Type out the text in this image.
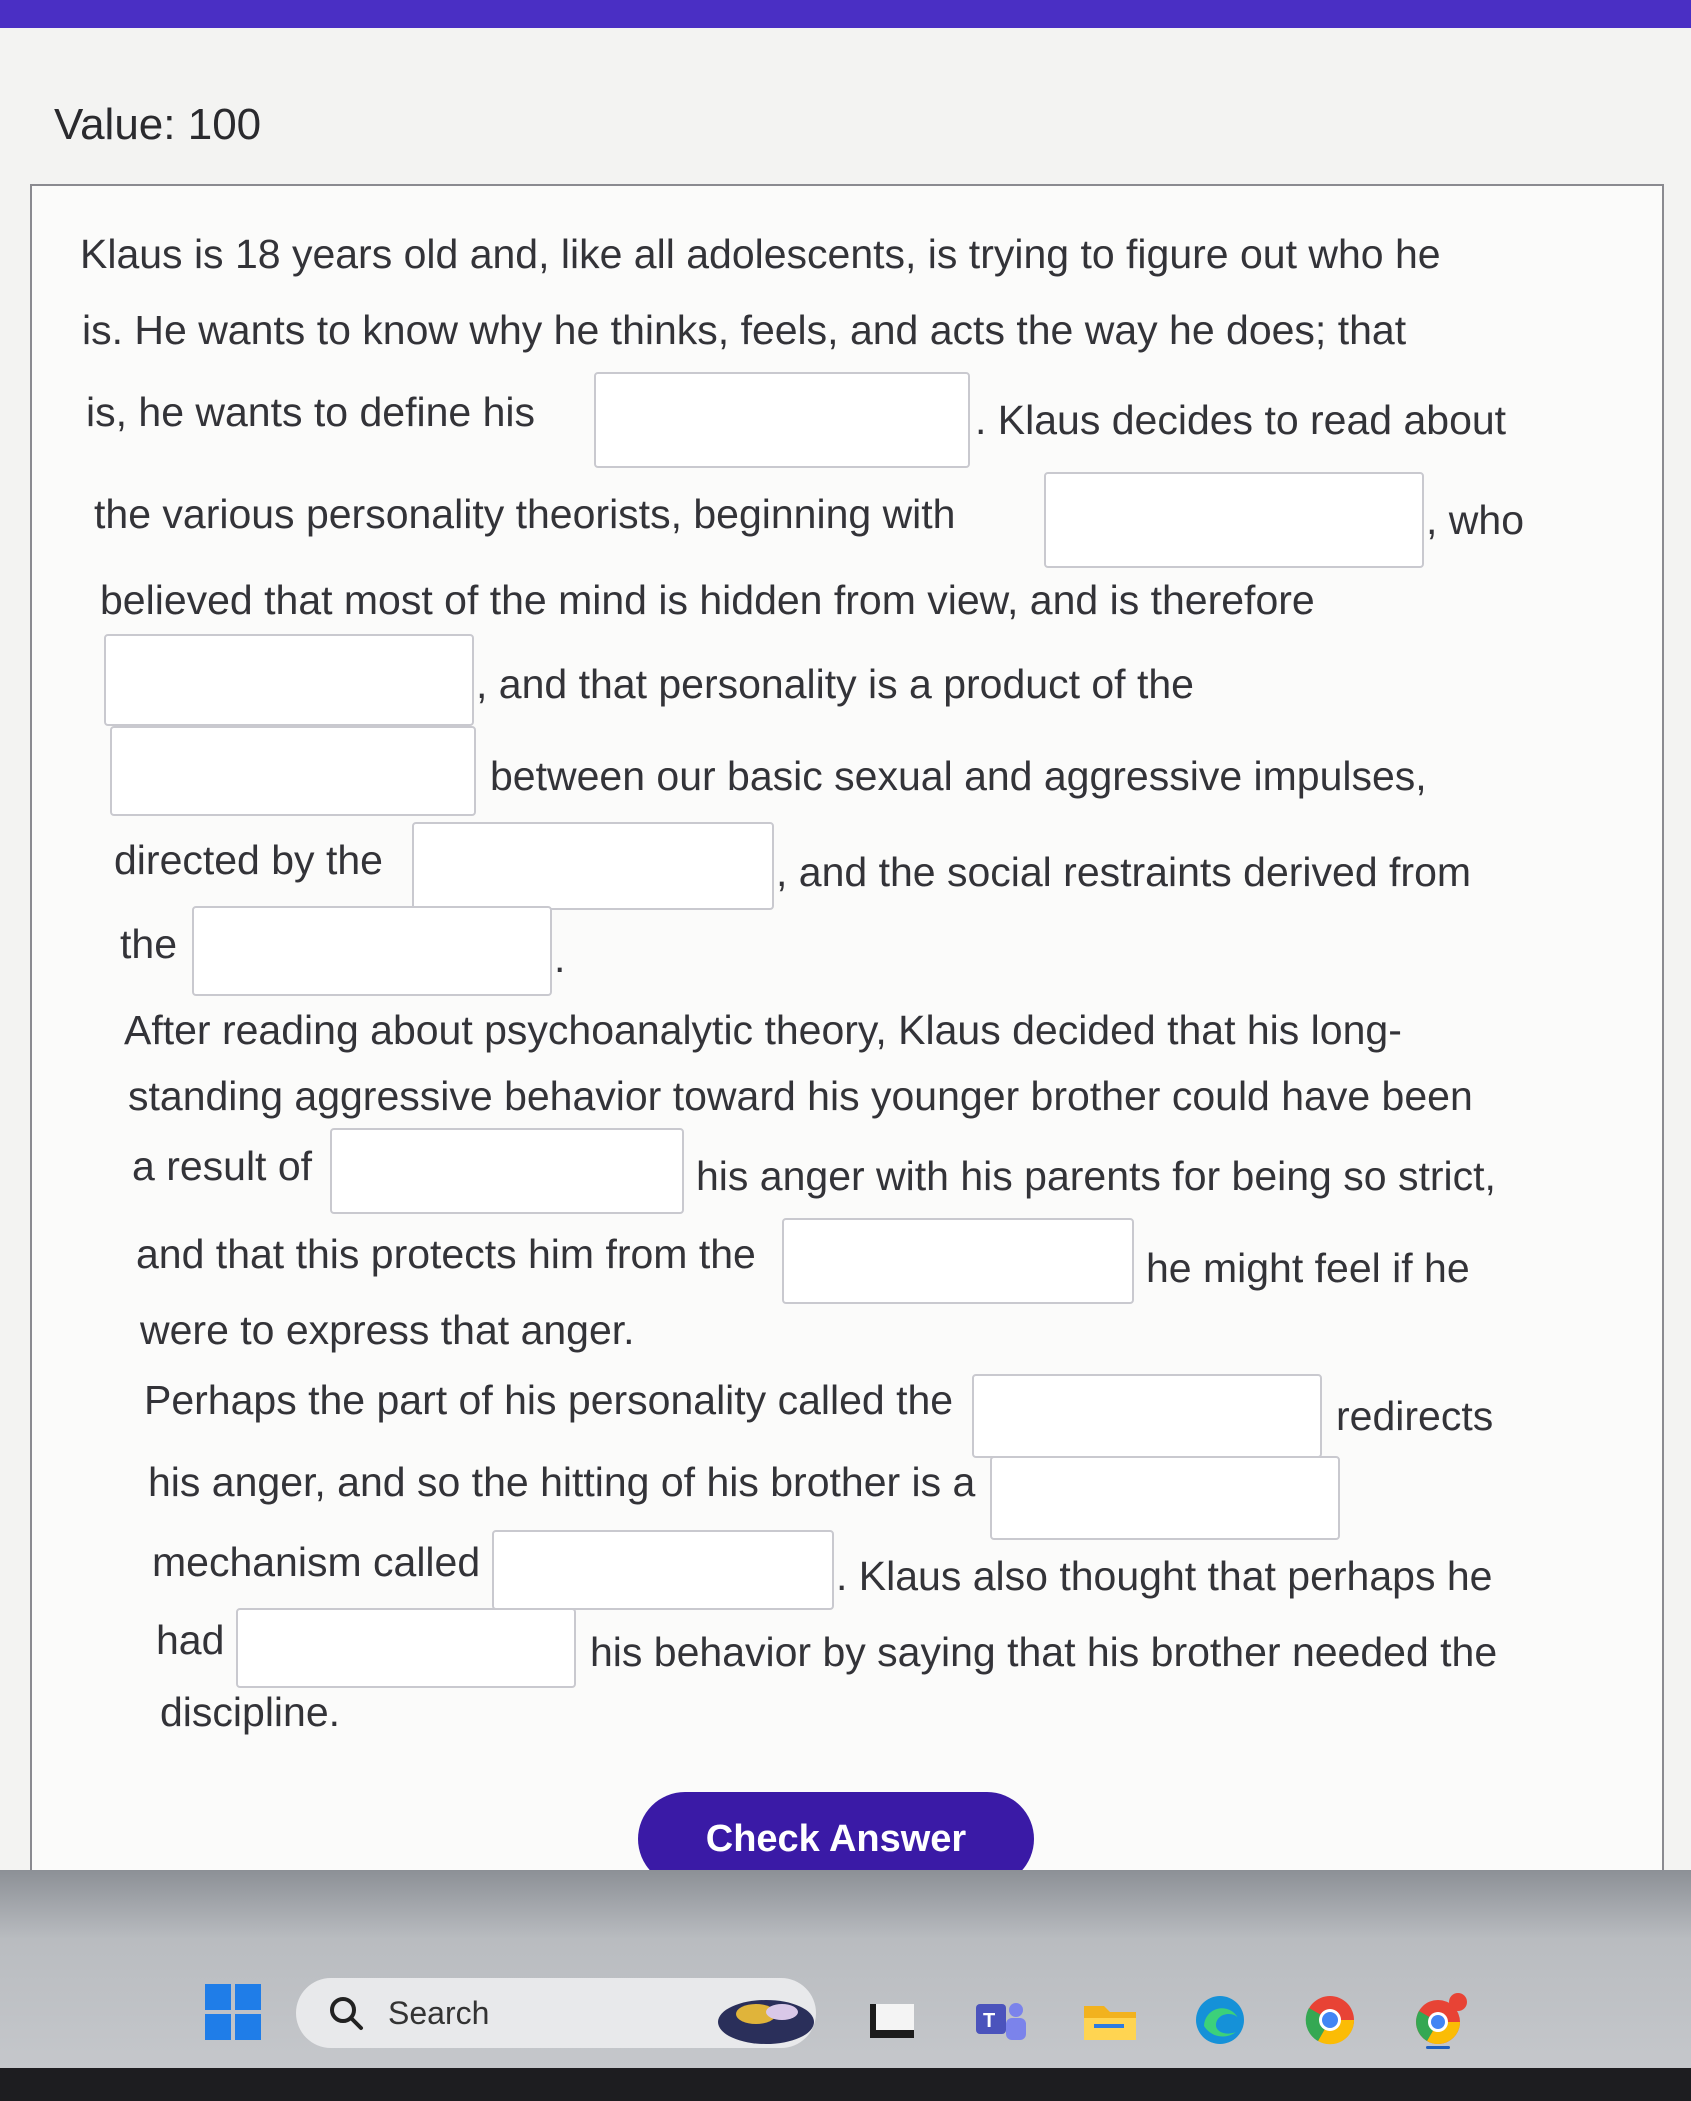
Value: 100
Klaus is 18 years old and, like all adolescents, is trying to figure out who he
is. He wants to know why he thinks, feels, and acts the way he does; that
is, he wants to define his	. Klaus decides to read about
the various personality theorists, beginning with	, who
believed that most of the mind is hidden from view, and is therefore
, and that personality is a product of the
between our basic sexual and aggressive impulses,
directed by the	, and the social restraints derived from
the	.
After reading about psychoanalytic theory, Klaus decided that his long-
standing aggressive behavior toward his younger brother could have been
a result of	his anger with his parents for being so strict,
and that this protects him from the	he might feel if he
were to express that anger.
Perhaps the part of his personality called the	redirects
his anger, and so the hitting of his brother is a
mechanism called	. Klaus also thought that perhaps he
had	his behavior by saying that his brother needed the
discipline.
Check Answer
Search	T
